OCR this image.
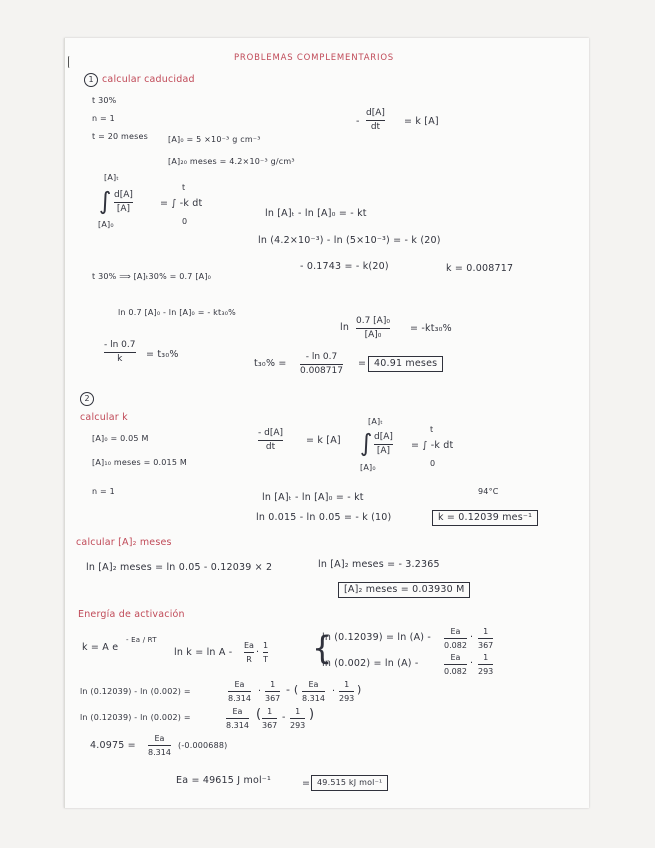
PROBLEMAS COMPLEMENTARIOS
1 calcular caducidad
t 30%
n = 1
t = 20 meses [A]₀ = 5 ×10⁻³ g cm⁻³
[A]₂₀ meses = 4.2×10⁻³ g/cm³
d[A]
dt
-	= k [A]
[A]ₜ
∫ d[A]
[A]
[A]₀
= ∫ -k dt
t
0
ln [A]ₜ - ln [A]₀ = - kt
ln (4.2×10⁻³) - ln (5×10⁻³) = - k (20)
- 0.1743 = - k(20)	k = 0.008717
t 30% ⟹ [A]ₜ30% = 0.7 [A]₀
ln 0.7 [A]₀ - ln [A]₀ = - kt₃₀%
ln
0.7 [A]₀
[A]₀
= -kt₃₀%
- ln 0.7
k	= t₃₀%
t₃₀% =
- ln 0.7
0.008717
= 40.91 meses
2
calcular k
[A]₀ = 0.05 M
[A]₁₀ meses = 0.015 M
n = 1
- d[A]
dt
= k [A]
[A]ₜ
∫ d[A]
[A]
[A]₀
= ∫ -k dt
t
0
94°C
ln [A]ₜ - ln [A]₀ = - kt
ln 0.015 - ln 0.05 = - k (10)	k = 0.12039 mes⁻¹
calcular [A]₂ meses
ln [A]₂ meses = ln 0.05 - 0.12039 × 2	ln [A]₂ meses = - 3.2365
[A]₂ meses = 0.03930 M
Energía de activación
k = A e
- Ea / RT
ln k = ln A -
Ea
R
·
1
T {
ln (0.12039) = ln (A) -
Ea
0.082
·
1
367
ln (0.002) = ln (A) -
Ea
0.082
·
1
293
ln (0.12039) - ln (0.002) =
Ea
8.314
·
1
367
- (	Ea
8.314
·
1
293
)
ln (0.12039) - ln (0.002) =
Ea
8.314
( 1
367
-
1
293
)
4.0975 =
Ea
8.314
(-0.000688)
Ea = 49615 J mol⁻¹	= 49.515 kJ mol⁻¹
